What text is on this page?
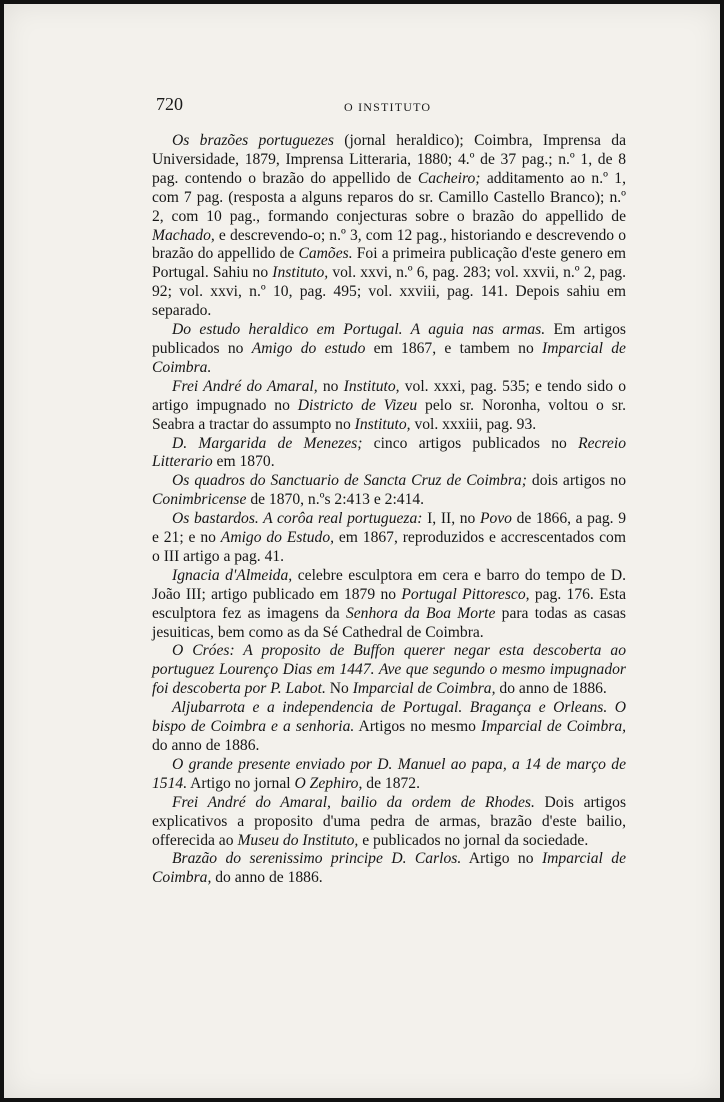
720	O INSTITUTO

Os brazões portuguezes (jornal heraldico); Coimbra, Imprensa da Universidade, 1879, Imprensa Litteraria, 1880; 4.º de 37 pag.; n.º 1, de 8 pag. contendo o brazão do appellido de Cacheiro; additamento ao n.º 1, com 7 pag. (resposta a alguns reparos do sr. Camillo Castello Branco); n.º 2, com 10 pag., formando conjecturas sobre o brazão do appellido de Machado, e descrevendo-o; n.º 3, com 12 pag., historiando e descrevendo o brazão do appellido de Camões. Foi a primeira publicação d'este genero em Portugal. Sahiu no Instituto, vol. xxvi, n.º 6, pag. 283; vol. xxvii, n.º 2, pag. 92; vol. xxvi, n.º 10, pag. 495; vol. xxviii, pag. 141. Depois sahiu em separado.

Do estudo heraldico em Portugal. A aguia nas armas. Em artigos publicados no Amigo do estudo em 1867, e tambem no Imparcial de Coimbra.

Frei André do Amaral, no Instituto, vol. xxxi, pag. 535; e tendo sido o artigo impugnado no Districto de Vizeu pelo sr. Noronha, voltou o sr. Seabra a tractar do assumpto no Instituto, vol. xxxiii, pag. 93.

D. Margarida de Menezes; cinco artigos publicados no Recreio Litterario em 1870.

Os quadros do Sanctuario de Sancta Cruz de Coimbra; dois artigos no Conimbricense de 1870, n.ºs 2:413 e 2:414.

Os bastardos. A corôa real portugueza: I, II, no Povo de 1866, a pag. 9 e 21; e no Amigo do Estudo, em 1867, reproduzidos e accrescentados com o III artigo a pag. 41.

Ignacia d'Almeida, celebre esculptora em cera e barro do tempo de D. João III; artigo publicado em 1879 no Portugal Pittoresco, pag. 176. Esta esculptora fez as imagens da Senhora da Boa Morte para todas as casas jesuiticas, bem como as da Sé Cathedral de Coimbra.

O Cróes: A proposito de Buffon querer negar esta descoberta ao portuguez Lourenço Dias em 1447. Ave que segundo o mesmo impugnador foi descoberta por P. Labot. No Imparcial de Coimbra, do anno de 1886.

Aljubarrota e a independencia de Portugal. Bragança e Orleans. O bispo de Coimbra e a senhoria. Artigos no mesmo Imparcial de Coimbra, do anno de 1886.

O grande presente enviado por D. Manuel ao papa, a 14 de março de 1514. Artigo no jornal O Zephiro, de 1872.

Frei André do Amaral, bailio da ordem de Rhodes. Dois artigos explicativos a proposito d'uma pedra de armas, brazão d'este bailio, offerecida ao Museu do Instituto, e publicados no jornal da sociedade.

Brazão do serenissimo principe D. Carlos. Artigo no Imparcial de Coimbra, do anno de 1886.
